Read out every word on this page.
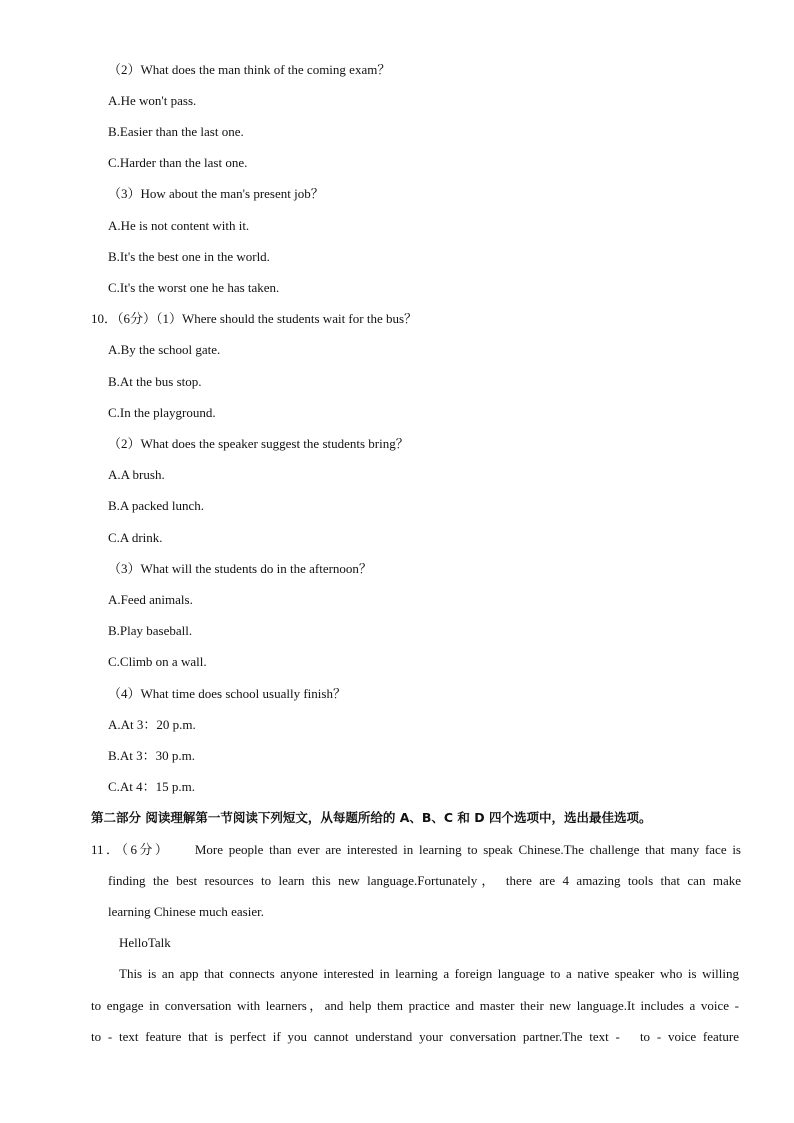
（2）What does the man think of the coming exam？
A.He won't pass.
B.Easier than the last one.
C.Harder than the last one.
（3）How about the man's present job？
A.He is not content with it.
B.It's the best one in the world.
C.It's the worst one he has taken.
10．（6分）（1）Where should the students wait for the bus？
A.By the school gate.
B.At the bus stop.
C.In the playground.
（2）What does the speaker suggest the students bring？
A.A brush.
B.A packed lunch.
C.A drink.
（3）What will the students do in the afternoon？
A.Feed animals.
B.Play baseball.
C.Climb on a wall.
（4）What time does school usually finish？
A.At 3：20 p.m.
B.At 3：30 p.m.
C.At 4：15 p.m.
第二部分 阅读理解第一节阅读下列短文，从每题所给的 A、B、C 和 D 四个选项中，选出最佳选项。
11．（6分）　　More people than ever are interested in learning to speak Chinese.The challenge that many face is
finding the best resources to learn this new language.Fortunately， there are 4 amazing tools that can make
learning Chinese much easier.
HelloTalk
This is an app that connects anyone interested in learning a foreign language to a native speaker who is willing
to engage in conversation with learners，and help them practice and master their new language.It includes a voice -
to - text feature that is perfect if you cannot understand your conversation partner.The text -　to - voice feature
